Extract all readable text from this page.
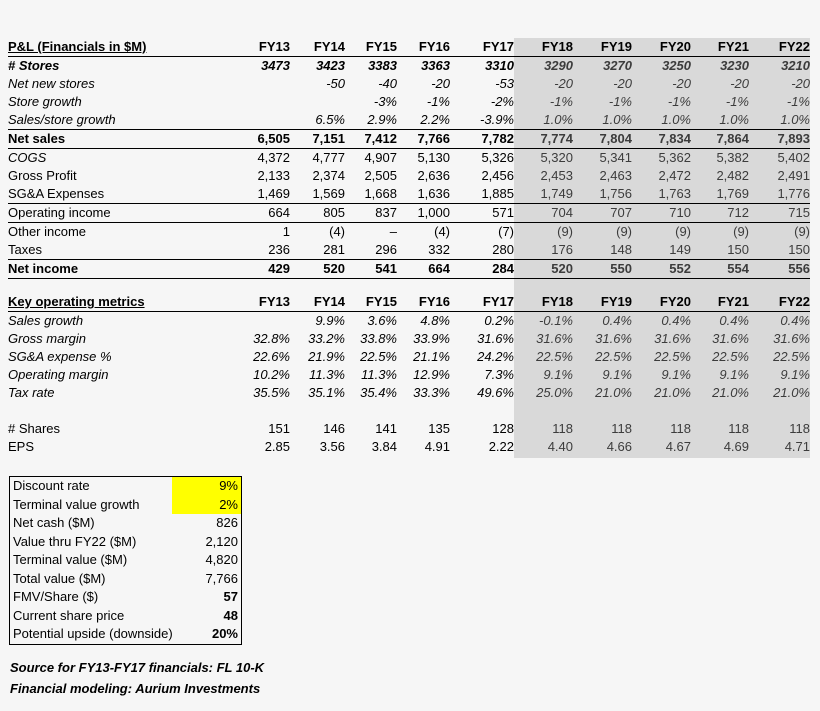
P&L (Financials in $M)	FY13	FY14	FY15	FY16	FY17	FY18	FY19	FY20	FY21	FY22
# Stores	3473	3423	3383	3363	3310	3290	3270	3250	3230	3210
Net new stores		-50	-40	-20	-53	-20	-20	-20	-20	-20
Store growth			-3%	-1%	-2%	-1%	-1%	-1%	-1%	-1%
Sales/store growth		6.5%	2.9%	2.2%	-3.9%	1.0%	1.0%	1.0%	1.0%	1.0%
Net sales	6,505	7,151	7,412	7,766	7,782	7,774	7,804	7,834	7,864	7,893
COGS	4,372	4,777	4,907	5,130	5,326	5,320	5,341	5,362	5,382	5,402
Gross Profit	2,133	2,374	2,505	2,636	2,456	2,453	2,463	2,472	2,482	2,491
SG&A Expenses	1,469	1,569	1,668	1,636	1,885	1,749	1,756	1,763	1,769	1,776
Operating income	664	805	837	1,000	571	704	707	710	712	715
Other income	1	(4)	–	(4)	(7)	(9)	(9)	(9)	(9)	(9)
Taxes	236	281	296	332	280	176	148	149	150	150
Net income	429	520	541	664	284	520	550	552	554	556
Key operating metrics	FY13	FY14	FY15	FY16	FY17	FY18	FY19	FY20	FY21	FY22
Sales growth		9.9%	3.6%	4.8%	0.2%	-0.1%	0.4%	0.4%	0.4%	0.4%
Gross margin	32.8%	33.2%	33.8%	33.9%	31.6%	31.6%	31.6%	31.6%	31.6%	31.6%
SG&A expense %	22.6%	21.9%	22.5%	21.1%	24.2%	22.5%	22.5%	22.5%	22.5%	22.5%
Operating margin	10.2%	11.3%	11.3%	12.9%	7.3%	9.1%	9.1%	9.1%	9.1%	9.1%
Tax rate	35.5%	35.1%	35.4%	33.3%	49.6%	25.0%	21.0%	21.0%	21.0%	21.0%

# Shares	151	146	141	135	128	118	118	118	118	118
EPS	2.85	3.56	3.84	4.91	2.22	4.40	4.66	4.67	4.69	4.71
Discount rate	9%
Terminal value growth	2%
Net cash ($M)	826
Value thru FY22 ($M)	2,120
Terminal value ($M)	4,820
Total value ($M)	7,766
FMV/Share ($)	57
Current share price	48
Potential upside (downside)	20%
Source for FY13-FY17 financials: FL 10-K
Financial modeling: Aurium Investments
